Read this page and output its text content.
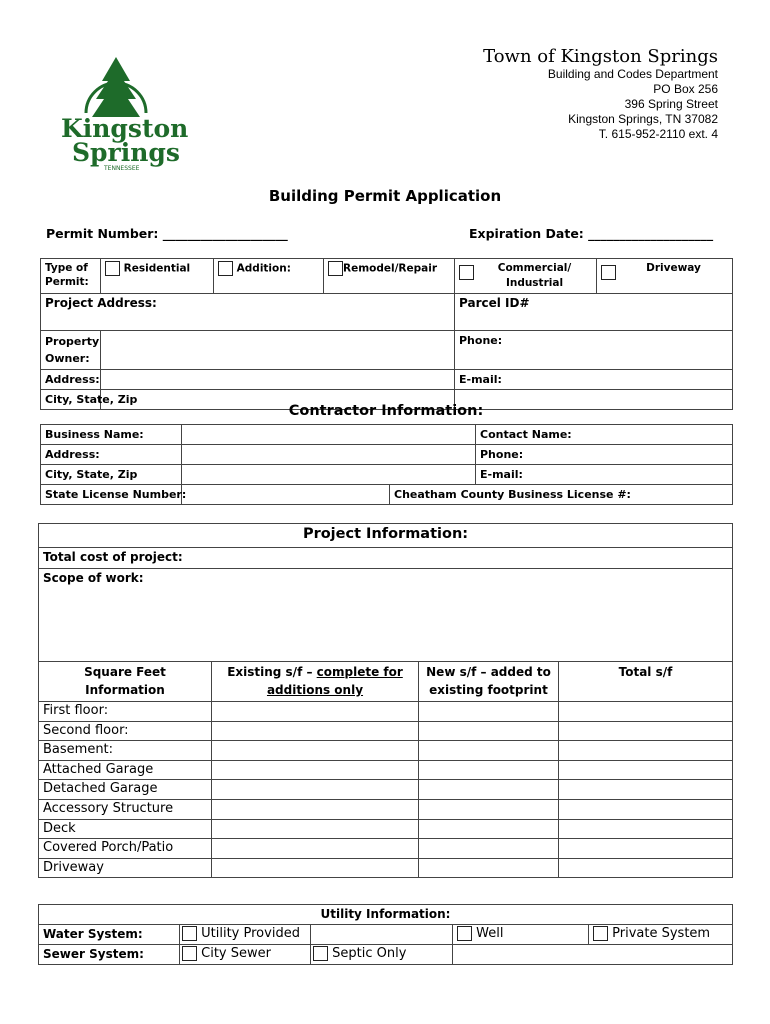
Kingston
Springs
TENNESSEE
Town of Kingston Springs
Building and Codes Department
PO Box 256
396 Spring Street
Kingston Springs, TN 37082
T. 615-952-2110 ext. 4
Building Permit Application
Permit Number: ____________________	Expiration Date: ____________________
Type of Permit:	Residential	Addition:	Remodel/Repair	Commercial/ Industrial	Driveway

Project Address:				Parcel ID#	
Property Owner:				Phone:	
Address:				E-mail:	
City, State, Zip					
Contractor Information:
Business Name:			Contact Name:
Address:			Phone:
City, State, Zip			E-mail:
State License Number:		Cheatham County Business License #:	
Project Information:			
Total cost of project:			
Scope of work:			
Square Feet Information	Existing s/f – complete for additions only	New s/f – added to existing footprint	Total s/f
First floor:			
Second floor:			
Basement:			
Attached Garage			
Detached Garage			
Accessory Structure			
Deck			
Covered Porch/Patio			
Driveway			
Utility Information:				
Water System:	Utility Provided		Well	Private System
Sewer System:	City Sewer	Septic Only		
